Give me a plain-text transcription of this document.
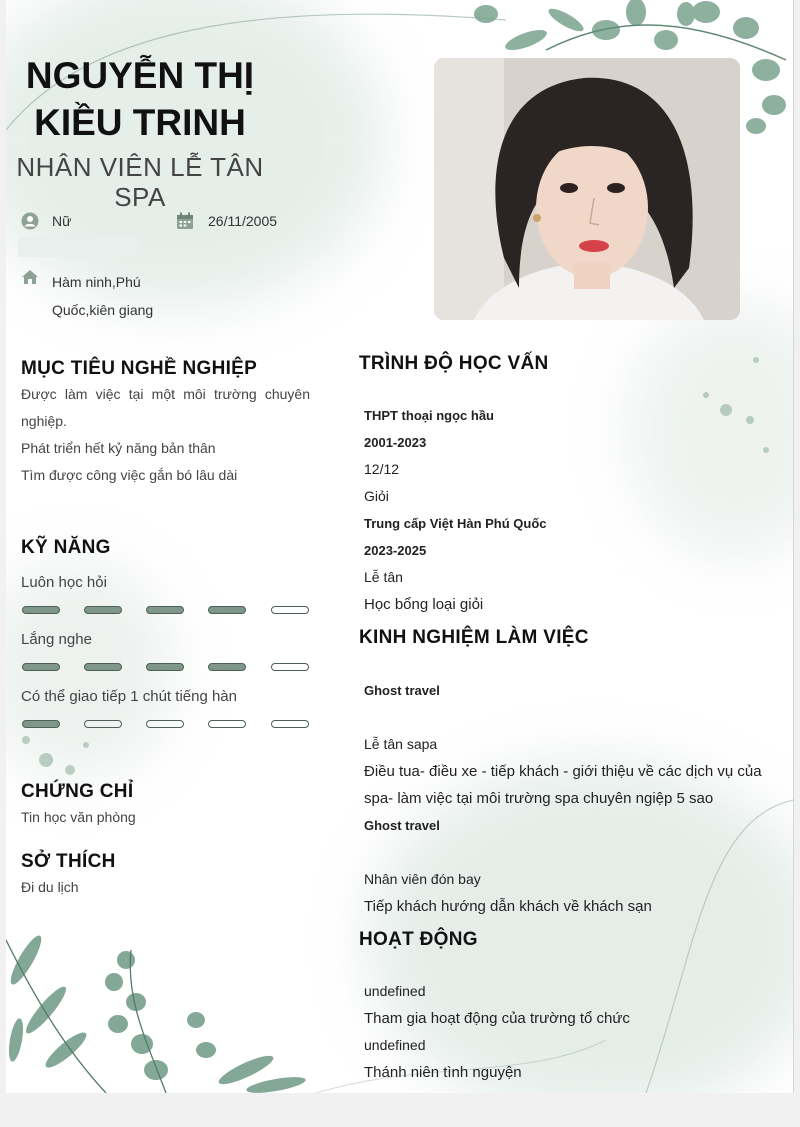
NGUYỄN THỊ
KIỀU TRINH
NHÂN VIÊN LỄ TÂN
SPA
Nữ	26/11/2005
Hàm ninh,Phú
Quốc,kiên giang
MỤC TIÊU NGHỀ NGHIỆP
Được làm việc tại một môi trường chuyên
nghiệp.
Phát triển hết kỷ năng bản thân
Tìm được công việc gắn bó lâu dài
KỸ NĂNG
Luôn học hỏi
Lắng nghe
Có thể giao tiếp 1 chút tiếng hàn
CHỨNG CHỈ
Tin học văn phòng
SỞ THÍCH
Đi du lịch
TRÌNH ĐỘ HỌC VẤN
THPT thoại ngọc hầu
2001-2023
12/12
Giỏi
Trung cấp Việt Hàn Phú Quốc
2023-2025
Lễ tân
Học bổng loại giỏi
KINH NGHIỆM LÀM VIỆC
Ghost travel
Lễ tân sapa
Điều tua- điều xe - tiếp khách - giới thiệu về các dịch vụ của
spa- làm việc tại môi trường spa chuyên ngiệp 5 sao
Ghost travel
Nhân viên đón bay
Tiếp khách hướng dẫn khách về khách sạn
HOẠT ĐỘNG
undefined
Tham gia hoạt động của trường tổ chức
undefined
Thánh niên tình nguyện
